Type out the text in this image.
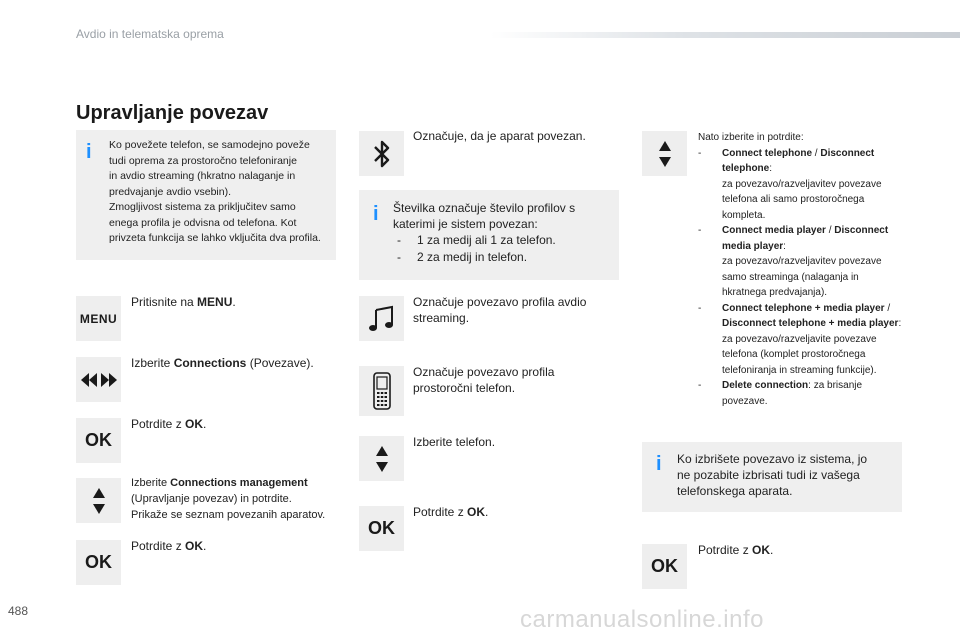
Avdio in telematska oprema
Upravljanje povezav
i Ko povežete telefon, se samodejno poveže
tudi oprema za prostoročno telefoniranje
in avdio streaming (hkratno nalaganje in
predvajanje avdio vsebin).
Zmogljivost sistema za priključitev samo
enega profila je odvisna od telefona. Kot
privzeta funkcija se lahko vključita dva profila.
MENU
Pritisnite na MENU.
Izberite Connections (Povezave).
OK
Potrdite z OK.
Izberite Connections management
(Upravljanje povezav) in potrdite.
Prikaže se seznam povezanih aparatov.
OK
Potrdite z OK.
Označuje, da je aparat povezan.
i Številka označuje število profilov s
katerimi je sistem povezan:
- 1 za medij ali 1 za telefon.
- 2 za medij in telefon.
Označuje povezavo profila avdio
streaming.
Označuje povezavo profila
prostoročni telefon.
Izberite telefon.
OK
Potrdite z OK.
Nato izberite in potrdite:
- Connect telephone / Disconnect telephone:
za povezavo/razveljavitev povezave
telefona ali samo prostoročnega
kompleta.
- Connect media player / Disconnect media player:
za povezavo/razveljavitev povezave
samo streaminga (nalaganja in
hkratnega predvajanja).
- Connect telephone + media player / Disconnect telephone + media player:
za povezavo/razveljavite povezave
telefona (komplet prostoročnega
telefoniranja in streaming funkcije).
- Delete connection: za brisanje
povezave.
i Ko izbrišete povezavo iz sistema, jo
ne pozabite izbrisati tudi iz vašega
telefonskega aparata.
OK
Potrdite z OK.
488	carmanualsonline.info
